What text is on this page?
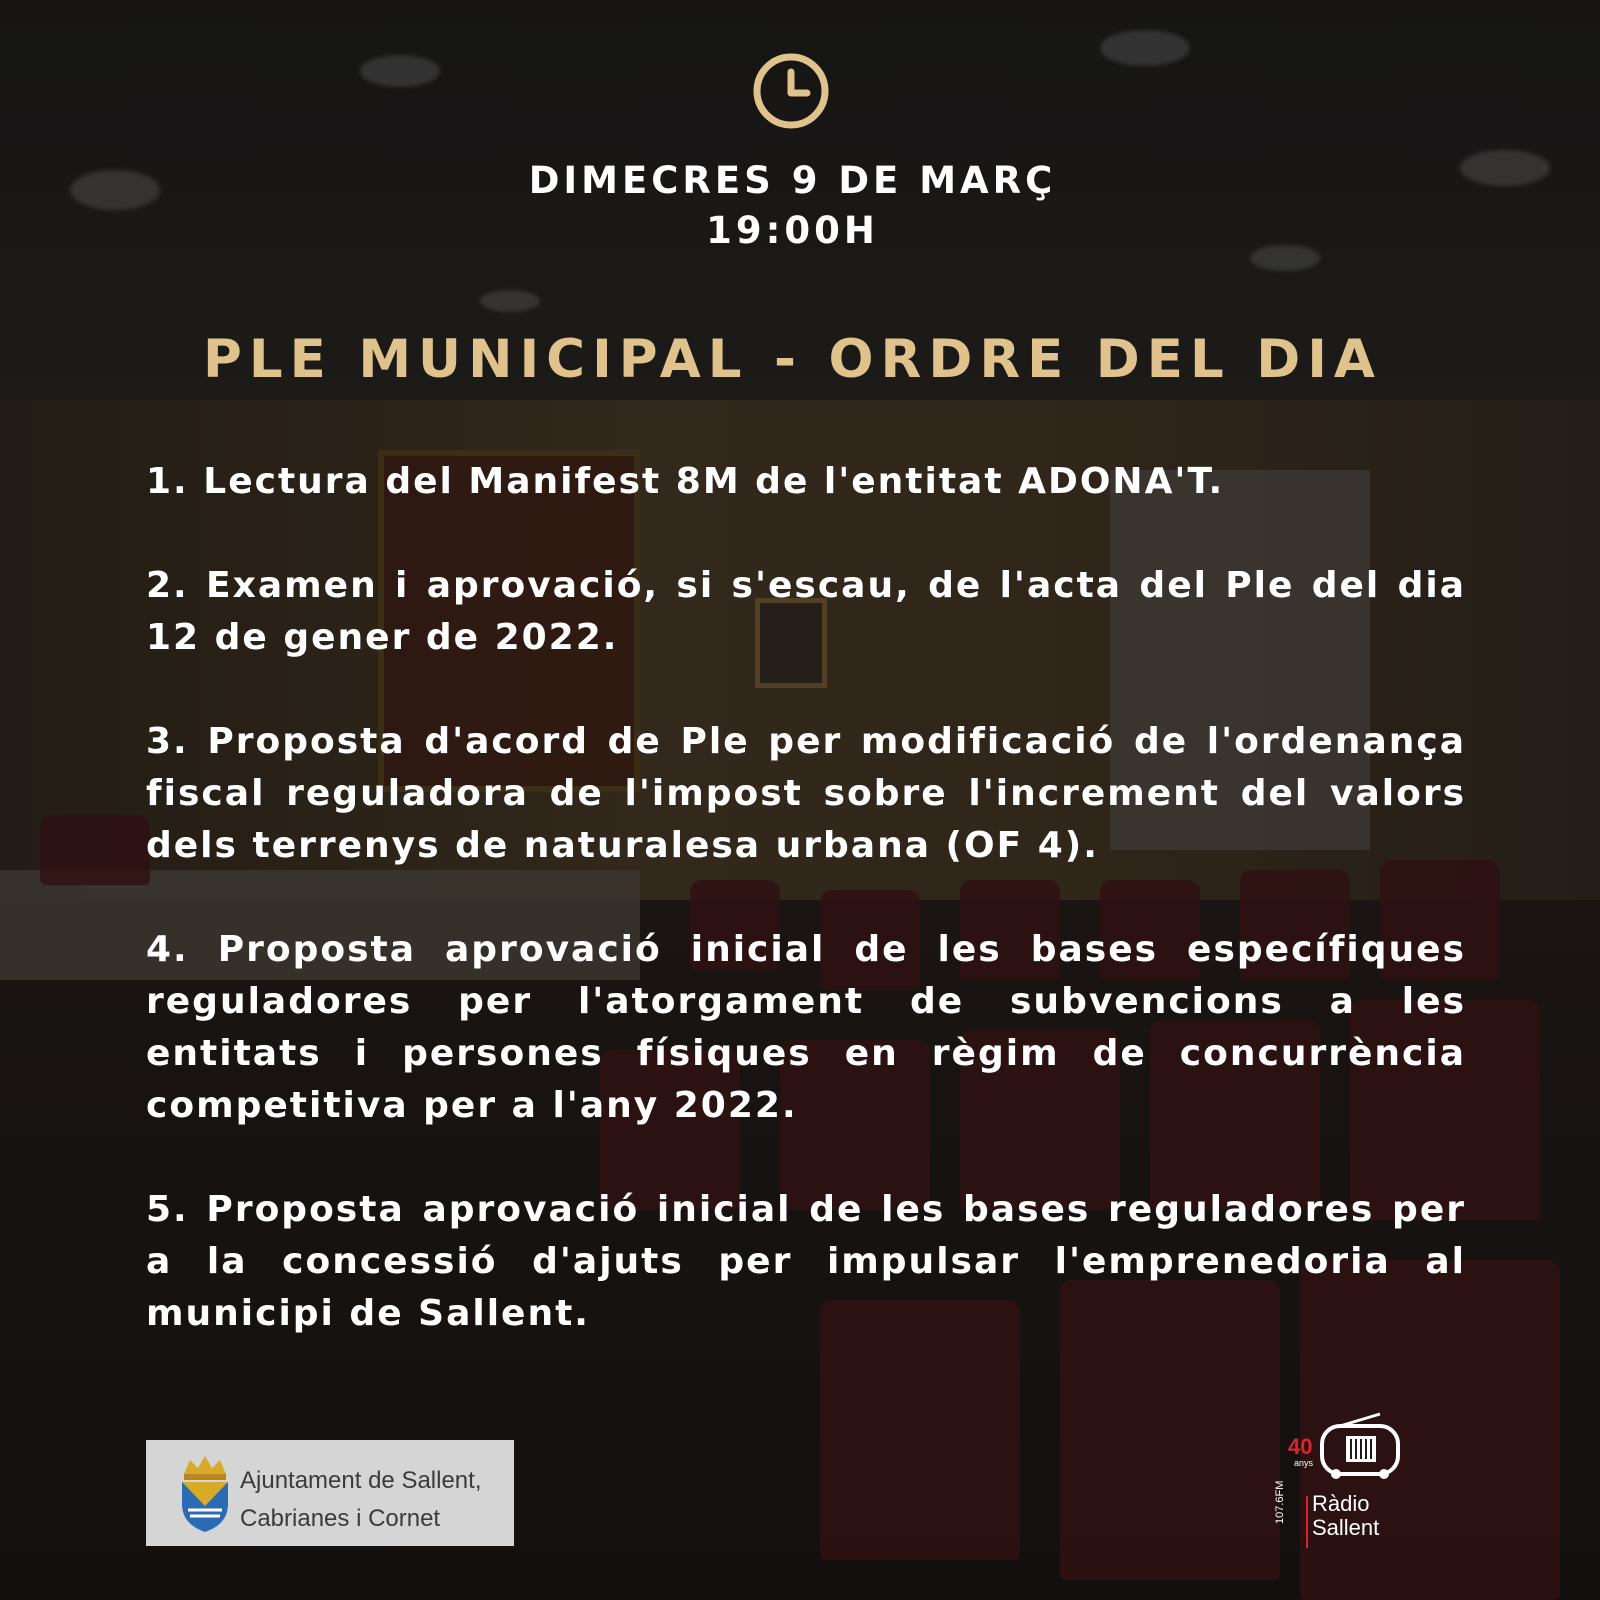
DIMECRES 9 DE MARÇ
19:00H
PLE MUNICIPAL - ORDRE DEL DIA

1. Lectura del Manifest 8M de l'entitat ADONA'T.

2. Examen i aprovació, si s'escau, de l'acta del Ple del dia 12 de gener de 2022.

3. Proposta d'acord de Ple per modificació de l'ordenança fiscal reguladora de l'impost sobre l'increment del valors dels terrenys de naturalesa urbana (OF 4).

4. Proposta aprovació inicial de les bases específiques reguladores per l'atorgament de subvencions a les entitats i persones físiques en règim de concurrència competitiva per a l'any 2022.

5. Proposta aprovació inicial de les bases reguladores per a la concessió d'ajuts per impulsar l'emprenedoria al municipi de Sallent.

Ajuntament de Sallent,
Cabrianes i Cornet
40
anys
107.6FM Ràdio
Sallent
